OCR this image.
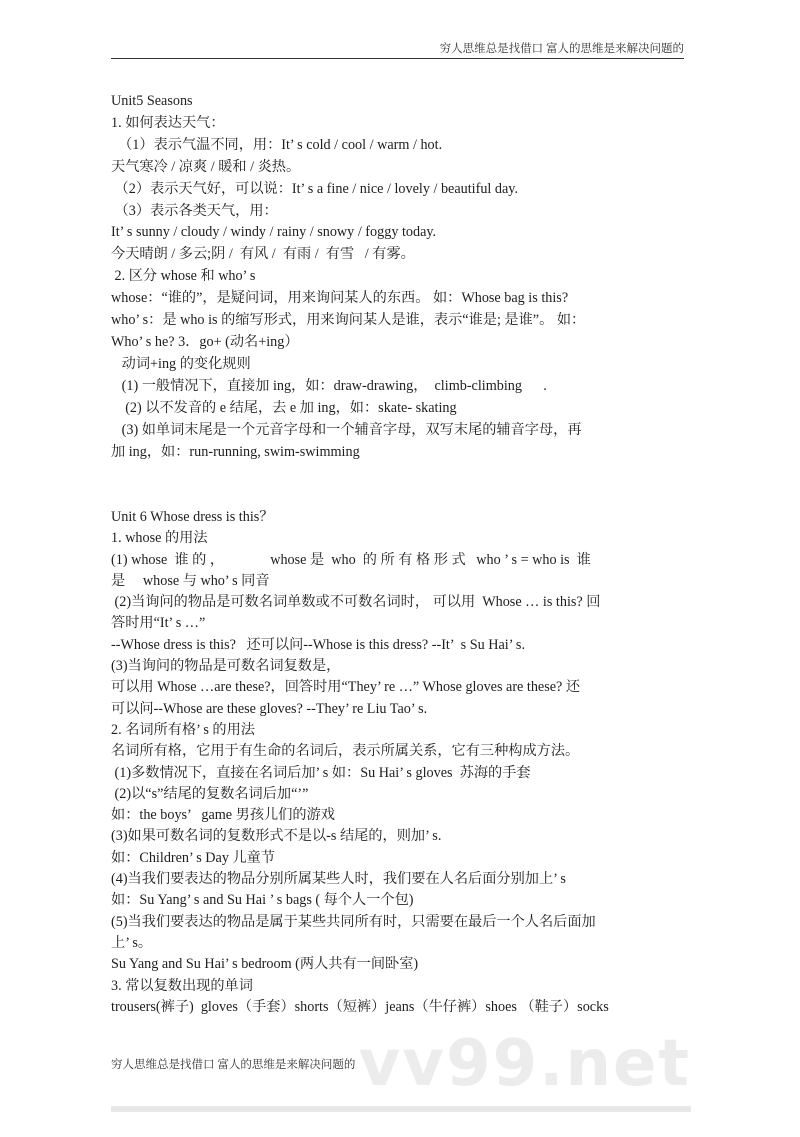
穷人思维总是找借口 富人的思维是来解决问题的
Unit5 Seasons
1. 如何表达天气：
（1）表示气温不同，用：It’ s cold / cool / warm / hot.
天气寒冷 / 凉爽 / 暖和 / 炎热。
（2）表示天气好，可以说：It’ s a fine / nice / lovely / beautiful day.
（3）表示各类天气，用：
It’ s sunny / cloudy / windy / rainy / snowy / foggy today.
今天晴朗 / 多云;阴 /  有风 /  有雨 /  有雪   / 有雾。
2. 区分 whose 和 who’ s
whose：“谁的”，是疑问词，用来询问某人的东西。 如：Whose bag is this?
who’ s：是 who is 的缩写形式，用来询问某人是谁，表示“谁是; 是谁”。 如：
Who’ s he? 3．go+ (动名+ing）
动词+ing 的变化规则
(1) 一般情况下，直接加 ing，如：draw-drawing，  climb-climbing      .
(2) 以不发音的 e 结尾，去 e 加 ing，如：skate- skating
(3) 如单词末尾是一个元音字母和一个辅音字母，双写末尾的辅音字母，再
加 ing，如：run-running, swim-swimming
Unit 6 Whose dress is this？
1. whose 的用法
(1) whose  谁 的 ，             whose 是  who  的 所 有 格 形 式   who ’ s = who is  谁
是     whose 与 who’ s 同音
(2)当询问的物品是可数名词单数或不可数名词时， 可以用  Whose … is this? 回
答时用“It’ s …”
--Whose dress is this?   还可以问--Whose is this dress? --It’  s Su Hai’ s.
(3)当询问的物品是可数名词复数是，
可以用 Whose …are these?，回答时用“They’ re …” Whose gloves are these? 还
可以问--Whose are these gloves? --They’ re Liu Tao’ s.
2. 名词所有格’ s 的用法
名词所有格，它用于有生命的名词后，表示所属关系，它有三种构成方法。
(1)多数情况下，直接在名词后加’ s 如：Su Hai’ s gloves  苏海的手套
(2)以“s”结尾的复数名词后加“’”
如：the boys’   game 男孩儿们的游戏
(3)如果可数名词的复数形式不是以-s 结尾的，则加’ s.
如：Children’ s Day 儿童节
(4)当我们要表达的物品分别所属某些人时，我们要在人名后面分别加上’ s
如：Su Yang’ s and Su Hai ’ s bags ( 每个人一个包)
(5)当我们要表达的物品是属于某些共同所有时，只需要在最后一个人名后面加
上’ s。
Su Yang and Su Hai’ s bedroom (两人共有一间卧室)
3. 常以复数出现的单词
trousers(裤子)  gloves（手套）shorts（短裤）jeans（牛仔裤）shoes （鞋子）socks
穷人思维总是找借口 富人的思维是来解决问题的 vv99.net
